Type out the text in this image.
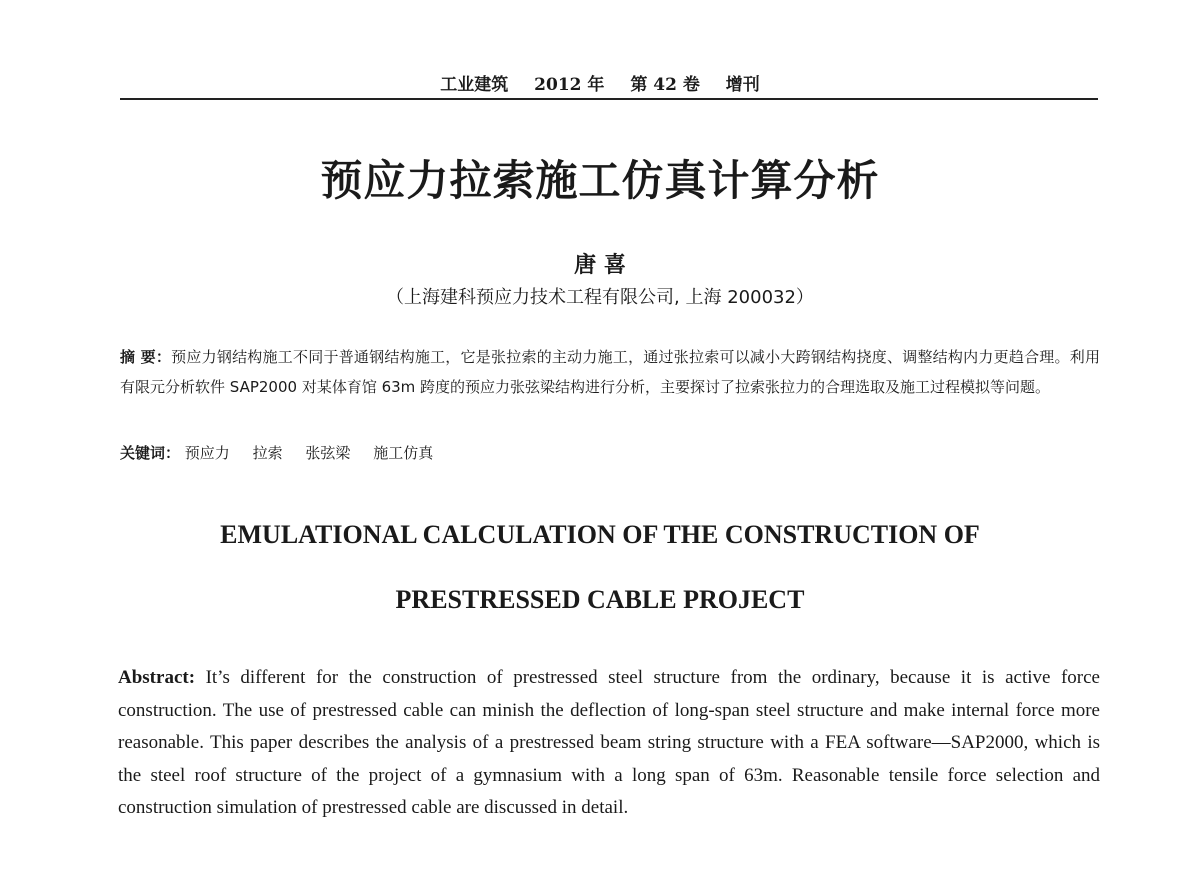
工业建筑 2012 年 第 42 卷 增刊
预应力拉索施工仿真计算分析
唐 喜
（上海建科预应力技术工程有限公司, 上海 200032）
摘 要：预应力钢结构施工不同于普通钢结构施工，它是张拉索的主动力施工，通过张拉索可以减小大跨钢结构挠度、调整结构内力更趋合理。利用有限元分析软件 SAP2000 对某体育馆 63m 跨度的预应力张弦梁结构进行分析，主要探讨了拉索张拉力的合理选取及施工过程模拟等问题。
关键词： 预应力 拉索 张弦梁 施工仿真
EMULATIONAL CALCULATION OF THE CONSTRUCTION OF
PRESTRESSED CABLE PROJECT
Abstract: It’s different for the construction of prestressed steel structure from the ordinary, because it is active force construction. The use of prestressed cable can minish the deflection of long-span steel structure and make internal force more reasonable. This paper describes the analysis of a prestressed beam string structure with a FEA software—SAP2000, which is the steel roof structure of the project of a gymnasium with a long span of 63m. Reasonable tensile force selection and construction simulation of prestressed cable are discussed in detail.
